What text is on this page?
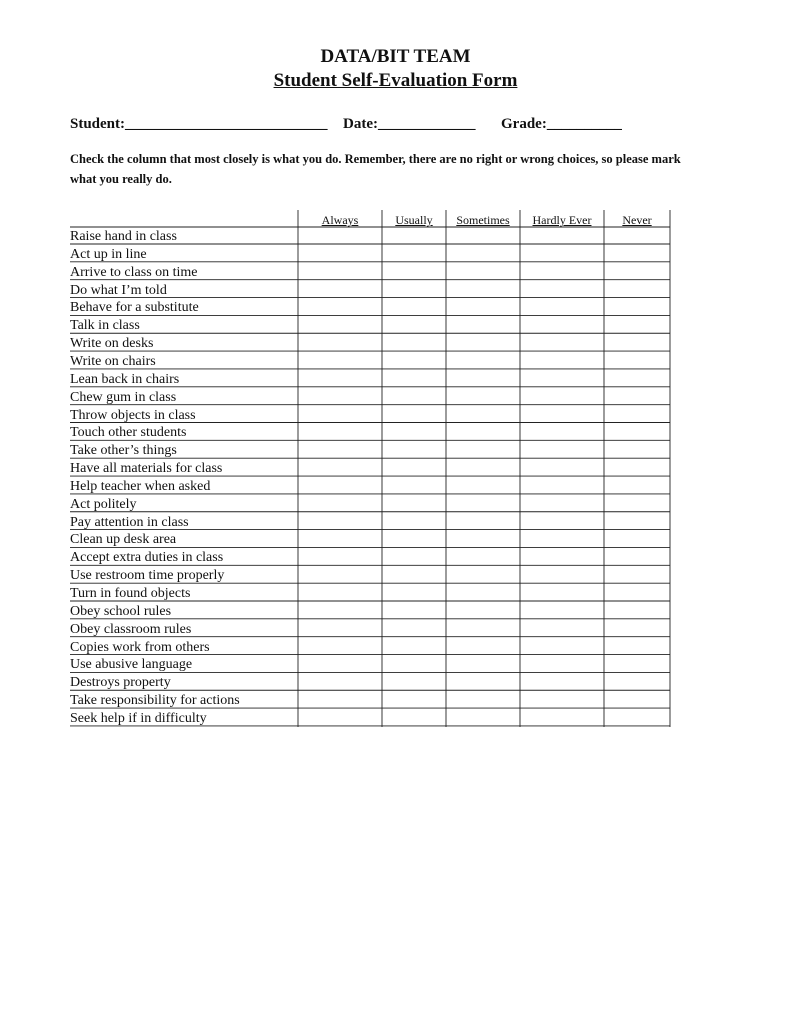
DATA/BIT TEAM
Student Self-Evaluation Form
Student:___________________________ Date:_____________ Grade:__________
Check the column that most closely is what you do. Remember, there are no right or wrong choices, so please mark what you really do.
Always	Usually	Sometimes	Hardly Ever	Never
Raise hand in class
Act up in line
Arrive to class on time
Do what I’m told
Behave for a substitute
Talk in class
Write on desks
Write on chairs
Lean back in chairs
Chew gum in class
Throw objects in class
Touch other students
Take other’s things
Have all materials for class
Help teacher when asked
Act politely
Pay attention in class
Clean up desk area
Accept extra duties in class
Use restroom time properly
Turn in found objects
Obey school rules
Obey classroom rules
Copies work from others
Use abusive language
Destroys property
Take responsibility for actions
Seek help if in difficulty
